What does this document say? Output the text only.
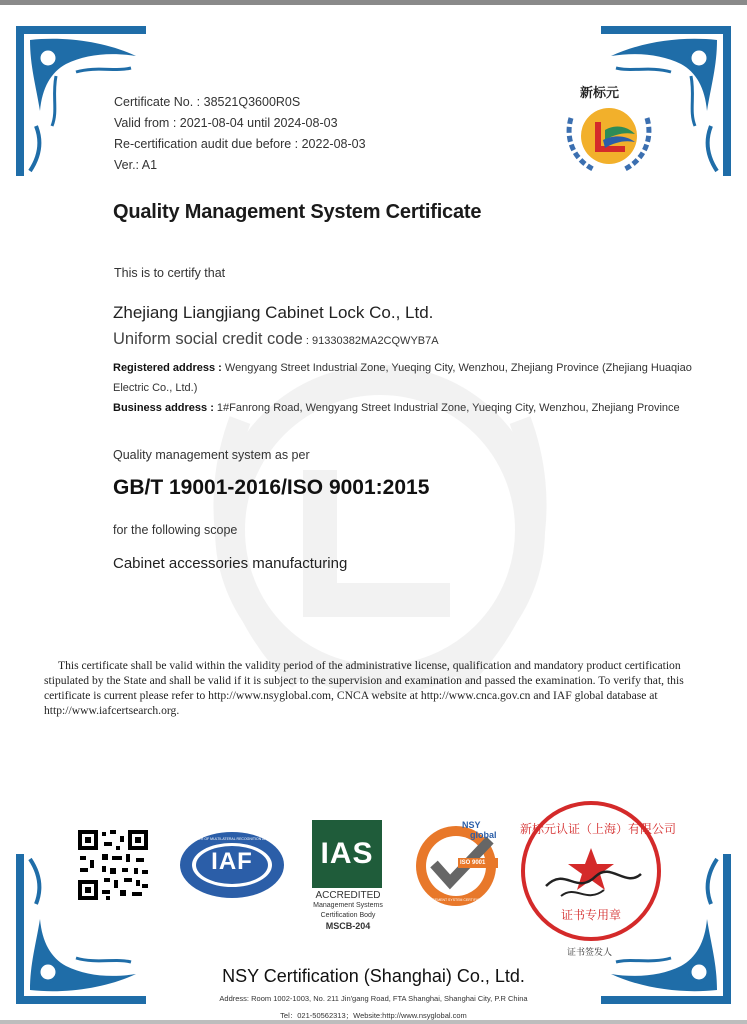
Certificate No. : 38521Q3600R0S
Valid from : 2021-08-04 until 2024-08-03
Re-certification audit due before : 2022-08-03
Ver.: A1
新标元
Quality Management System Certificate
This is to certify that
Zhejiang Liangjiang Cabinet Lock Co., Ltd.
Uniform social credit code : 91330382MA2CQWYB7A
Registered address : Wengyang Street Industrial Zone, Yueqing City, Wenzhou, Zhejiang Province (Zhejiang Huaqiao Electric Co., Ltd.)
Business address : 1#Fanrong Road, Wengyang Street Industrial Zone, Yueqing City, Wenzhou, Zhejiang Province
Quality management system as per
GB/T 19001-2016/ISO 9001:2015
for the following scope
Cabinet accessories manufacturing
This certificate shall be valid within the validity period of the administrative license, qualification and mandatory product certification stipulated by the State and shall be valid if it is subject to the supervision and examination and passed the examination. To verify that, this certificate is current please refer to http://www.nsyglobal.com, CNCA website at http://www.cnca.gov.cn and IAF global database at http://www.iafcertsearch.org.
IAF
MEMBER OF MULTILATERAL RECOGNITION ARRANGEMENT IAS
ACCREDITED
Management Systems
Certification Body
MSCB-204
NSY
global
ISO 9001
MANAGEMENT SYSTEM CERTIFICATION
新标元认证（上海）有限公司
证书专用章
证书签发人
NSY Certification (Shanghai) Co., Ltd.
Address: Room 1002-1003, No. 211 Jin'gang Road, FTA Shanghai, Shanghai City, P.R China
Tel：021-50562313；Website:http://www.nsyglobal.com
